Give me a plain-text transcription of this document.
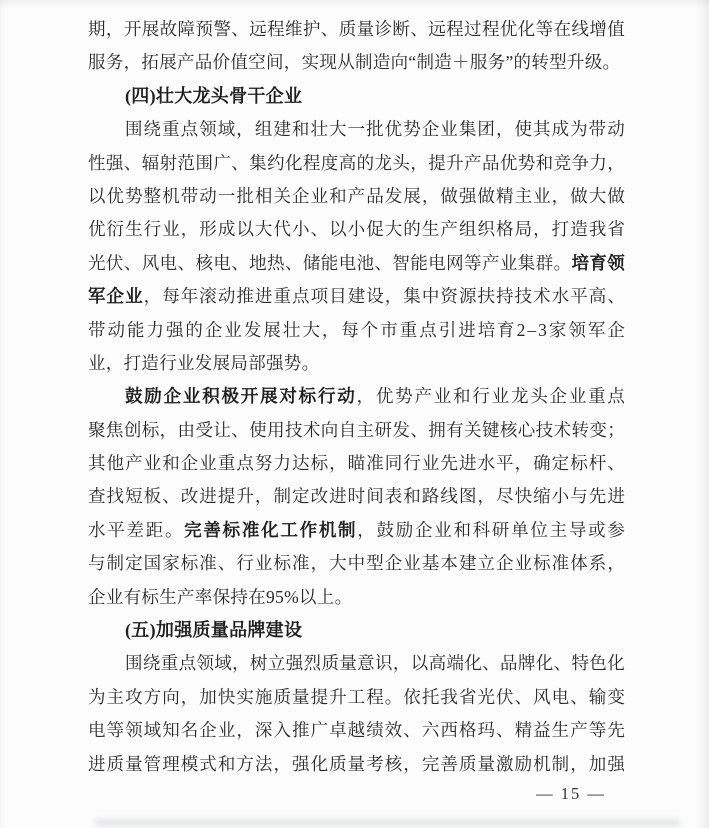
期 ， 开 展 故 障 预 警 、 远 程 维 护 、 质 量 诊 断 、 远 程 过 程 优 化 等 在 线 增 值
服务，拓展产品价值空间，实现从制造向“制造＋服务”的转型升级。
(四)壮大龙头骨干企业
围 绕 重 点 领 域 ， 组 建 和 壮 大 一 批 优 势 企 业 集 团 ， 使 其 成 为 带 动
性 强 、 辐 射 范 围 广 、 集 约 化 程 度 高 的 龙 头 ， 提 升 产 品 优 势 和 竞 争 力 ，
以 优 势 整 机 带 动 一 批 相 关 企 业 和 产 品 发 展 ， 做 强 做 精 主 业 ， 做 大 做
优 衍 生 行 业 ， 形 成 以 大 代 小 、 以 小 促 大 的 生 产 组 织 格 局 ， 打 造 我 省
光 伏 、 风 电 、 核 电 、 地 热 、 储 能 电 池 、 智 能 电 网 等 产 业 集 群 。 培 育 领
军 企 业 ， 每 年 滚 动 推 进 重 点 项 目 建 设 ， 集 中 资 源 扶 持 技 术 水 平 高 、
带 动 能 力 强 的 企 业 发 展 壮 大 ， 每 个 市 重 点 引 进 培 育 2 – 3 家 领 军 企
业，打造行业发展局部强势。
鼓 励 企 业 积 极 开 展 对 标 行 动 ， 优 势 产 业 和 行 业 龙 头 企 业 重 点
聚 焦 创 标 ， 由 受 让 、 使 用 技 术 向 自 主 研 发 、 拥 有 关 键 核 心 技 术 转 变 ；
其 他 产 业 和 企 业 重 点 努 力 达 标 ， 瞄 准 同 行 业 先 进 水 平 ， 确 定 标 杆 、
查 找 短 板 、 改 进 提 升 ， 制 定 改 进 时 间 表 和 路 线 图 ， 尽 快 缩 小 与 先 进
水 平 差 距 。 完 善 标 准 化 工 作 机 制 ， 鼓 励 企 业 和 科 研 单 位 主 导 或 参
与 制 定 国 家 标 准 、 行 业 标 准 ， 大 中 型 企 业 基 本 建 立 企 业 标 准 体 系 ，
企业有标生产率保持在95%以上。
(五)加强质量品牌建设
围 绕 重 点 领 域 ， 树 立 强 烈 质 量 意 识 ， 以 高 端 化 、 品 牌 化 、 特 色 化
为 主 攻 方 向 ， 加 快 实 施 质 量 提 升 工 程 。 依 托 我 省 光 伏 、 风 电 、 输 变
电 等 领 域 知 名 企 业 ， 深 入 推 广 卓 越 绩 效 、 六 西 格 玛 、 精 益 生 产 等 先
进 质 量 管 理 模 式 和 方 法 ， 强 化 质 量 考 核 ， 完 善 质 量 激 励 机 制 ， 加 强
— 15 —
